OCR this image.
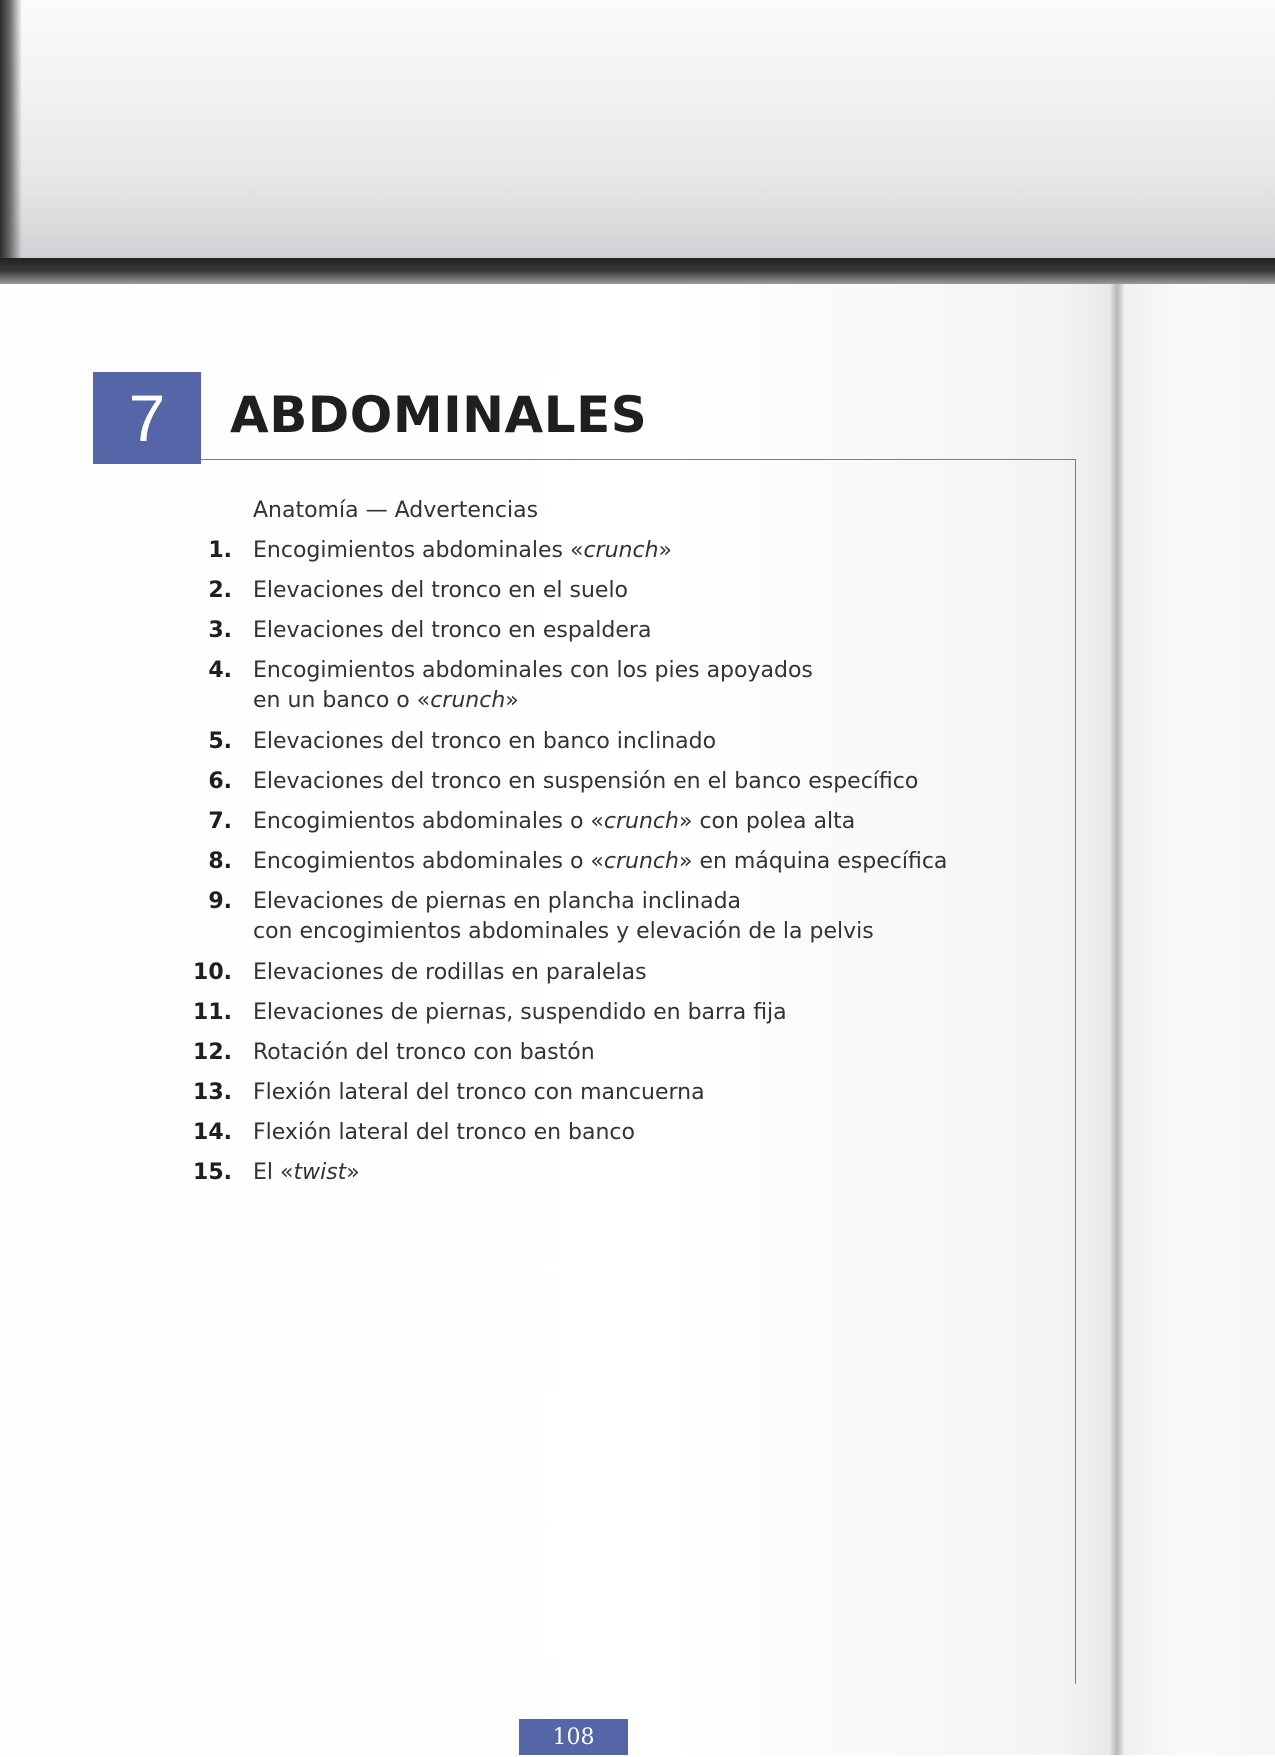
7	ABDOMINALES
Anatomía — Advertencias
1. Encogimientos abdominales «crunch»
2. Elevaciones del tronco en el suelo
3. Elevaciones del tronco en espaldera
4. Encogimientos abdominales con los pies apoyados
en un banco o «crunch»
5. Elevaciones del tronco en banco inclinado
6. Elevaciones del tronco en suspensión en el banco específico
7. Encogimientos abdominales o «crunch» con polea alta
8. Encogimientos abdominales o «crunch» en máquina específica
9. Elevaciones de piernas en plancha inclinada
con encogimientos abdominales y elevación de la pelvis
10. Elevaciones de rodillas en paralelas
11. Elevaciones de piernas, suspendido en barra fija
12. Rotación del tronco con bastón
13. Flexión lateral del tronco con mancuerna
14. Flexión lateral del tronco en banco
15. El «twist»
108
